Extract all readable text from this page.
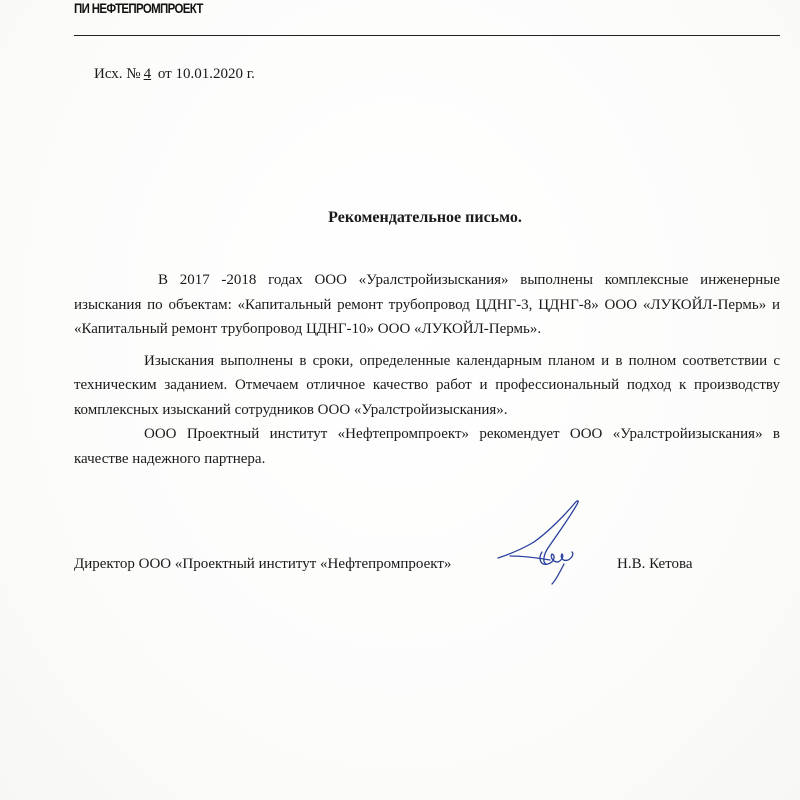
ПИ НЕФТЕПРОМПРОЕКТ
Исх. № 4 от 10.01.2020 г.
Рекомендательное письмо.

В 2017 -2018 годах ООО «Уралстройизыскания» выполнены комплексные инженерные изыскания по объектам: «Капитальный ремонт трубопровод ЦДНГ-3, ЦДНГ-8» ООО «ЛУКОЙЛ-Пермь» и «Капитальный ремонт трубопровод ЦДНГ-10» ООО «ЛУКОЙЛ-Пермь».

Изыскания выполнены в сроки, определенные календарным планом и в полном соответствии с техническим заданием. Отмечаем отличное качество работ и профессиональный подход к производству комплексных изысканий сотрудников ООО «Уралстройизыскания».

ООО Проектный институт «Нефтепромпроект» рекомендует ООО «Уралстройизыскания» в качестве надежного партнера.

Директор ООО «Проектный институт «Нефтепромпроект»	Н.В. Кетова
